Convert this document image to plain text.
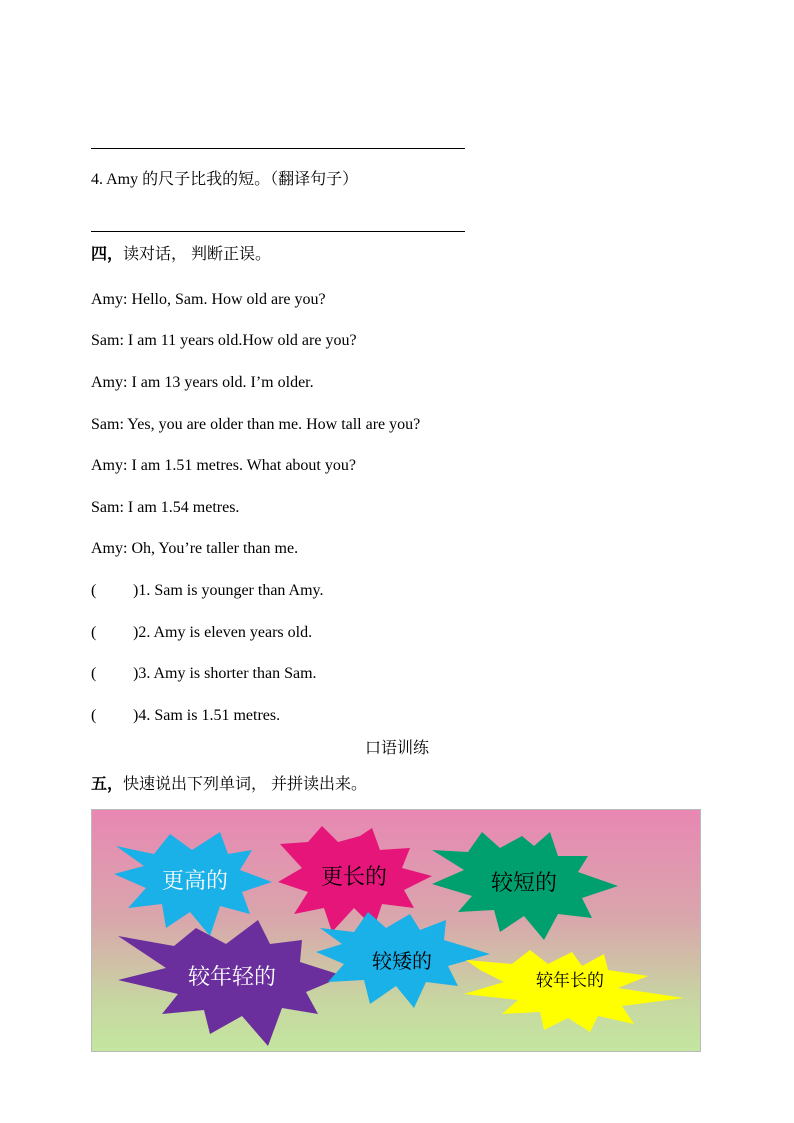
4. Amy 的尺子比我的短。（翻译句子）
四，读对话， 判断正误。
Amy: Hello, Sam. How old are you?
Sam: I am 11 years old.How old are you?
Amy: I am 13 years old. I’m older.
Sam: Yes, you are older than me. How tall are you?
Amy: I am 1.51 metres. What about you?
Sam: I am 1.54 metres.
Amy: Oh, You’re taller than me.
( )1. Sam is younger than Amy.
( )2. Amy is eleven years old.
( )3. Amy is shorter than Sam.
( )4. Sam is 1.51 metres.
口语训练
五，快速说出下列单词， 并拼读出来。
更高的	更长的	较短的
较年轻的
较矮的
较年长的
